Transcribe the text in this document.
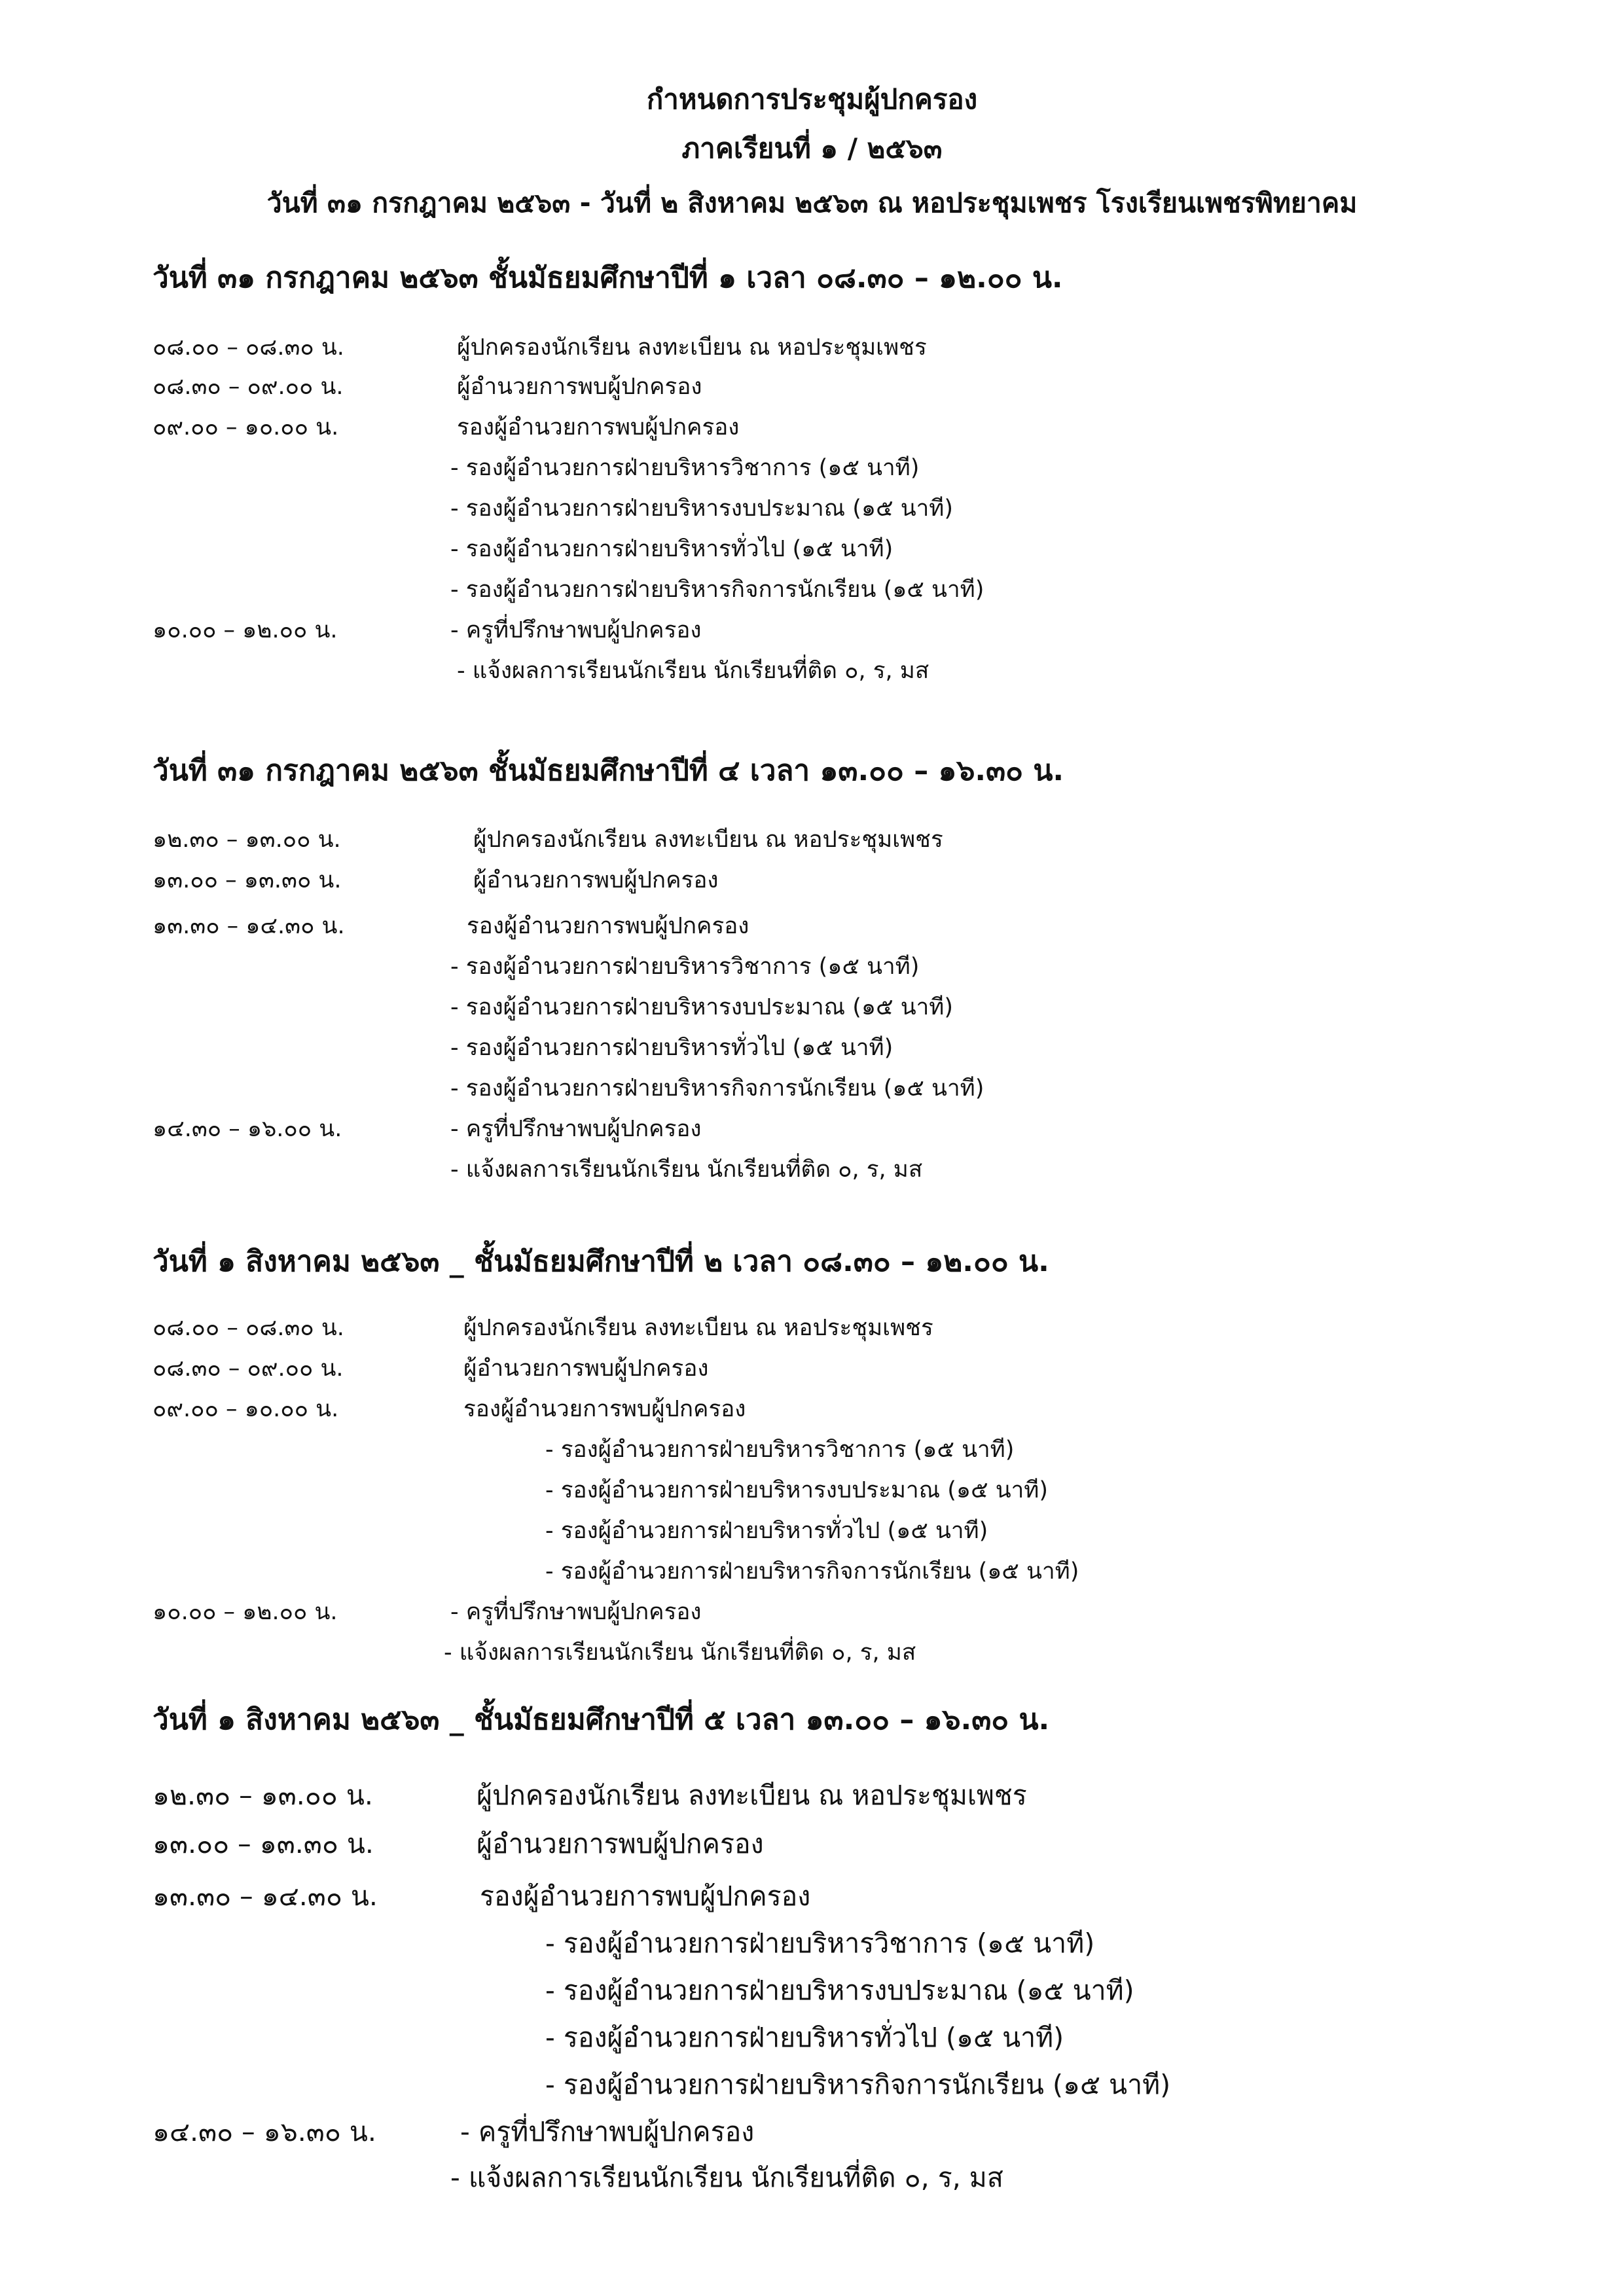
กำหนดการประชุมผู้ปกครอง
ภาคเรียนที่ ๑ / ๒๕๖๓
วันที่ ๓๑ กรกฎาคม ๒๕๖๓ - วันที่ ๒ สิงหาคม ๒๕๖๓ ณ หอประชุมเพชร โรงเรียนเพชรพิทยาคม
วันที่ ๓๑ กรกฎาคม ๒๕๖๓ ชั้นมัธยมศึกษาปีที่ ๑ เวลา ๐๘.๓๐ – ๑๒.๐๐ น.
๐๘.๐๐ – ๐๘.๓๐ น.	ผู้ปกครองนักเรียน ลงทะเบียน ณ หอประชุมเพชร
๐๘.๓๐ – ๐๙.๐๐ น.	ผู้อำนวยการพบผู้ปกครอง
๐๙.๐๐ – ๑๐.๐๐ น.	รองผู้อำนวยการพบผู้ปกครอง
- รองผู้อำนวยการฝ่ายบริหารวิชาการ (๑๕ นาที)
- รองผู้อำนวยการฝ่ายบริหารงบประมาณ (๑๕ นาที)
- รองผู้อำนวยการฝ่ายบริหารทั่วไป (๑๕ นาที)
- รองผู้อำนวยการฝ่ายบริหารกิจการนักเรียน (๑๕ นาที)
๑๐.๐๐ – ๑๒.๐๐ น.	- ครูที่ปรึกษาพบผู้ปกครอง
- แจ้งผลการเรียนนักเรียน นักเรียนที่ติด ๐, ร, มส
วันที่ ๓๑ กรกฎาคม ๒๕๖๓ ชั้นมัธยมศึกษาปีที่ ๔ เวลา ๑๓.๐๐ – ๑๖.๓๐ น.
๑๒.๓๐ – ๑๓.๐๐ น.	ผู้ปกครองนักเรียน ลงทะเบียน ณ หอประชุมเพชร
๑๓.๐๐ – ๑๓.๓๐ น.	ผู้อำนวยการพบผู้ปกครอง
๑๓.๓๐ – ๑๔.๓๐ น.	รองผู้อำนวยการพบผู้ปกครอง
- รองผู้อำนวยการฝ่ายบริหารวิชาการ (๑๕ นาที)
- รองผู้อำนวยการฝ่ายบริหารงบประมาณ (๑๕ นาที)
- รองผู้อำนวยการฝ่ายบริหารทั่วไป (๑๕ นาที)
- รองผู้อำนวยการฝ่ายบริหารกิจการนักเรียน (๑๕ นาที)
๑๔.๓๐ – ๑๖.๐๐ น.	- ครูที่ปรึกษาพบผู้ปกครอง
- แจ้งผลการเรียนนักเรียน นักเรียนที่ติด ๐, ร, มส
วันที่ ๑ สิงหาคม ๒๕๖๓ _ ชั้นมัธยมศึกษาปีที่ ๒ เวลา ๐๘.๓๐ – ๑๒.๐๐ น.
๐๘.๐๐ – ๐๘.๓๐ น.	ผู้ปกครองนักเรียน ลงทะเบียน ณ หอประชุมเพชร
๐๘.๓๐ – ๐๙.๐๐ น.	ผู้อำนวยการพบผู้ปกครอง
๐๙.๐๐ – ๑๐.๐๐ น.	รองผู้อำนวยการพบผู้ปกครอง
- รองผู้อำนวยการฝ่ายบริหารวิชาการ (๑๕ นาที)
- รองผู้อำนวยการฝ่ายบริหารงบประมาณ (๑๕ นาที)
- รองผู้อำนวยการฝ่ายบริหารทั่วไป (๑๕ นาที)
- รองผู้อำนวยการฝ่ายบริหารกิจการนักเรียน (๑๕ นาที)
๑๐.๐๐ – ๑๒.๐๐ น.	- ครูที่ปรึกษาพบผู้ปกครอง
- แจ้งผลการเรียนนักเรียน นักเรียนที่ติด ๐, ร, มส
วันที่ ๑ สิงหาคม ๒๕๖๓ _ ชั้นมัธยมศึกษาปีที่ ๕ เวลา ๑๓.๐๐ – ๑๖.๓๐ น.
๑๒.๓๐ – ๑๓.๐๐ น.	ผู้ปกครองนักเรียน ลงทะเบียน ณ หอประชุมเพชร
๑๓.๐๐ – ๑๓.๓๐ น.	ผู้อำนวยการพบผู้ปกครอง
๑๓.๓๐ – ๑๔.๓๐ น.	รองผู้อำนวยการพบผู้ปกครอง
- รองผู้อำนวยการฝ่ายบริหารวิชาการ (๑๕ นาที)
- รองผู้อำนวยการฝ่ายบริหารงบประมาณ (๑๕ นาที)
- รองผู้อำนวยการฝ่ายบริหารทั่วไป (๑๕ นาที)
- รองผู้อำนวยการฝ่ายบริหารกิจการนักเรียน (๑๕ นาที)
๑๔.๓๐ – ๑๖.๓๐ น.	- ครูที่ปรึกษาพบผู้ปกครอง
- แจ้งผลการเรียนนักเรียน นักเรียนที่ติด ๐, ร, มส
